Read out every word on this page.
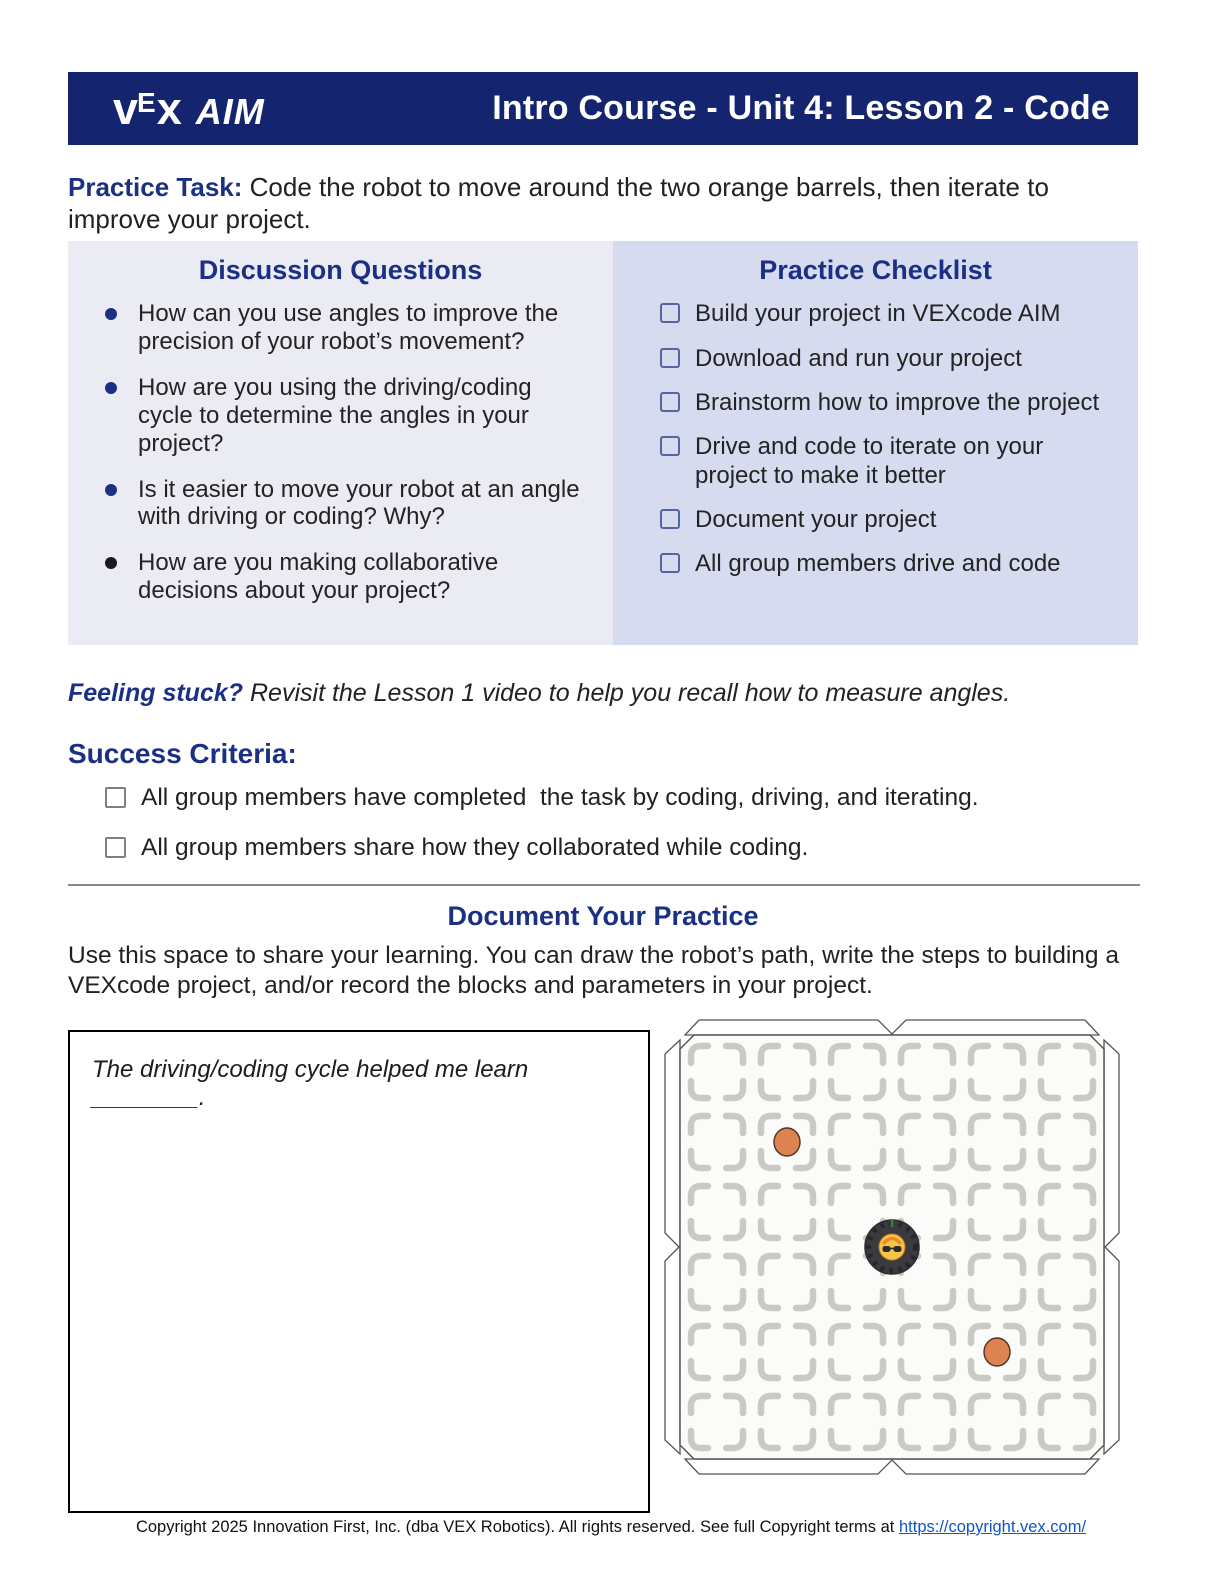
v E x AIM	Intro Course - Unit 4: Lesson 2 - Code

Practice Task: Code the robot to move around the two orange barrels, then iterate to improve your project.

Discussion Questions
How can you use angles to improve the precision of your robot’s movement?
How are you using the driving/coding cycle to determine the angles in your project?
Is it easier to move your robot at an angle with driving or coding? Why?
How are you making collaborative decisions about your project?
Practice Checklist
Build your project in VEXcode AIM
Download and run your project
Brainstorm how to improve the project
Drive and code to iterate on your project to make it better
Document your project
All group members drive and code

Feeling stuck? Revisit the Lesson 1 video to help you recall how to measure angles.

Success Criteria:
All group members have completed  the task by coding, driving, and iterating.
All group members share how they collaborated while coding.
Document Your Practice

Use this space to share your learning. You can draw the robot’s path, write the steps to building a VEXcode project, and/or record the blocks and parameters in your project.

The driving/coding cycle helped me learn ________.
Copyright 2025 Innovation First, Inc. (dba VEX Robotics). All rights reserved. See full Copyright terms at https://copyright.vex.com/
